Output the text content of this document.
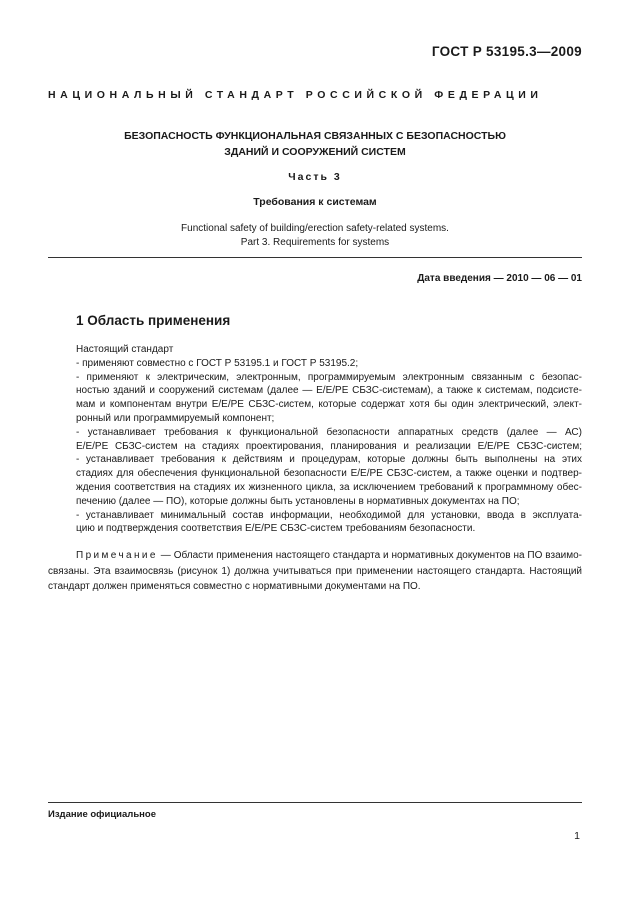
ГОСТ Р 53195.3—2009
НАЦИОНАЛЬНЫЙ СТАНДАРТ РОССИЙСКОЙ ФЕДЕРАЦИИ
БЕЗОПАСНОСТЬ ФУНКЦИОНАЛЬНАЯ СВЯЗАННЫХ С БЕЗОПАСНОСТЬЮ
ЗДАНИЙ И СООРУЖЕНИЙ СИСТЕМ
Часть 3
Требования к системам
Functional safety of building/erection safety-related systems.
Part 3. Requirements for systems
Дата введения — 2010 — 06 — 01
1 Область применения

Настоящий стандарт

- применяют совместно с ГОСТ Р 53195.1 и ГОСТ Р 53195.2;

- применяют к электрическим, электронным, программируемым электронным связанным с безопас-

ностью зданий и сооружений системам (далее — Е/Е/РЕ СБЗС-системам), а также к системам, подсисте-

мам и компонентам внутри Е/Е/РЕ СБЗС-систем, которые содержат хотя бы один электрический, элект-

ронный или программируемый компонент;

- устанавливает требования к функциональной безопасности аппаратных средств (далее — АС)

Е/Е/РЕ СБЗС-систем на стадиях проектирования, планирования и реализации Е/Е/РЕ СБЗС-систем;

- устанавливает требования к действиям и процедурам, которые должны быть выполнены на этих

стадиях для обеспечения функциональной безопасности Е/Е/РЕ СБЗС-систем, а также оценки и подтвер-

ждения соответствия на стадиях их жизненного цикла, за исключением требований к программному обес-

печению (далее — ПО), которые должны быть установлены в нормативных документах на ПО;

- устанавливает минимальный состав информации, необходимой для установки, ввода в эксплуата-

цию и подтверждения соответствия Е/Е/РЕ СБЗС-систем требованиям безопасности.

Примечание — Области применения настоящего стандарта и нормативных документов на ПО взаимо-

связаны. Эта взаимосвязь (рисунок 1) должна учитываться при применении настоящего стандарта. Настоящий

стандарт должен применяться совместно с нормативными документами на ПО.

Издание официальное
1
